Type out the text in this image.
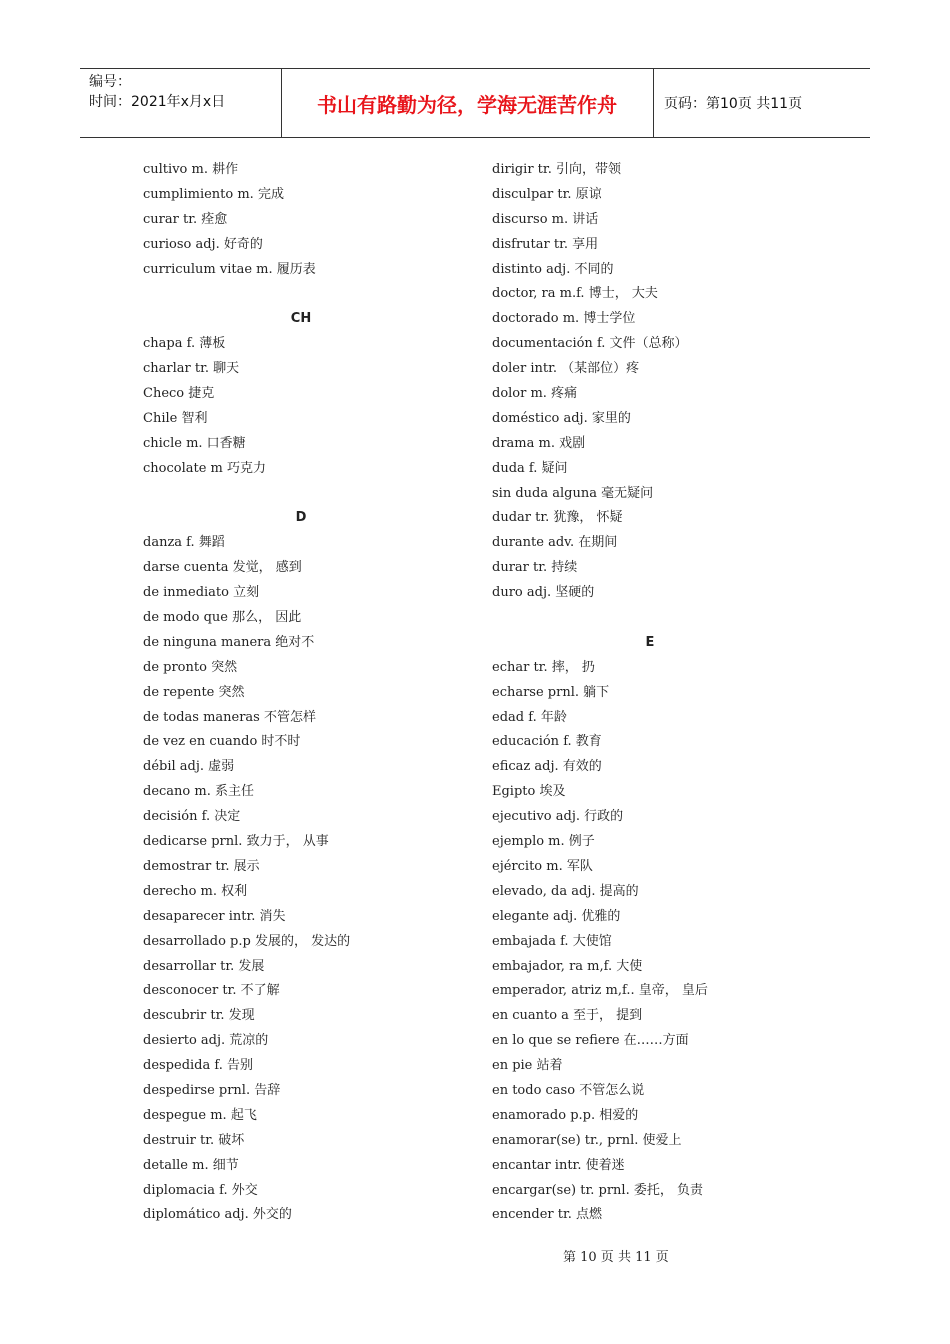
编号：
时间：2021年x月x日	书山有路勤为径，学海无涯苦作舟	页码：第10页 共11页
cultivo m. 耕作
cumplimiento m. 完成
curar tr. 痊愈
curioso adj. 好奇的
curriculum vitae m. 履历表
CH
chapa f. 薄板
charlar tr. 聊天
Checo 捷克
Chile 智利
chicle m. 口香糖
chocolate m 巧克力
D
danza f. 舞蹈
darse cuenta 发觉， 感到
de inmediato 立刻
de modo que 那么， 因此
de ninguna manera 绝对不
de pronto 突然
de repente 突然
de todas maneras 不管怎样
de vez en cuando 时不时
débil adj. 虚弱
decano m. 系主任
decisión f. 决定
dedicarse prnl. 致力于， 从事
demostrar tr. 展示
derecho m. 权利
desaparecer intr. 消失
desarrollado p.p 发展的， 发达的
desarrollar tr. 发展
desconocer tr. 不了解
descubrir tr. 发现
desierto adj. 荒凉的
despedida f. 告别
despedirse prnl. 告辞
despegue m. 起飞
destruir tr. 破坏
detalle m. 细节
diplomacia f. 外交
diplomático adj. 外交的
dirigir tr. 引向，带领
disculpar tr. 原谅
discurso m. 讲话
disfrutar tr. 享用
distinto adj. 不同的
doctor, ra m.f. 博士， 大夫
doctorado m. 博士学位
documentación f. 文件（总称）
doler intr. （某部位）疼
dolor m. 疼痛
doméstico adj. 家里的
drama m. 戏剧
duda f. 疑问
sin duda alguna 毫无疑问
dudar tr. 犹豫， 怀疑
durante adv. 在期间
durar tr. 持续
duro adj. 坚硬的
E
echar tr. 摔， 扔
echarse prnl. 躺下
edad f. 年龄
educación f. 教育
eficaz adj. 有效的
Egipto 埃及
ejecutivo adj. 行政的
ejemplo m. 例子
ejército m. 军队
elevado, da adj. 提高的
elegante adj. 优雅的
embajada f. 大使馆
embajador, ra m,f. 大使
emperador, atriz m,f.. 皇帝， 皇后
en cuanto a 至于， 提到
en lo que se refiere 在……方面
en pie 站着
en todo caso 不管怎么说
enamorado p.p. 相爱的
enamorar(se) tr., prnl. 使爱上
encantar intr. 使着迷
encargar(se) tr. prnl. 委托， 负责
encender tr. 点燃
第 10 页 共 11 页
